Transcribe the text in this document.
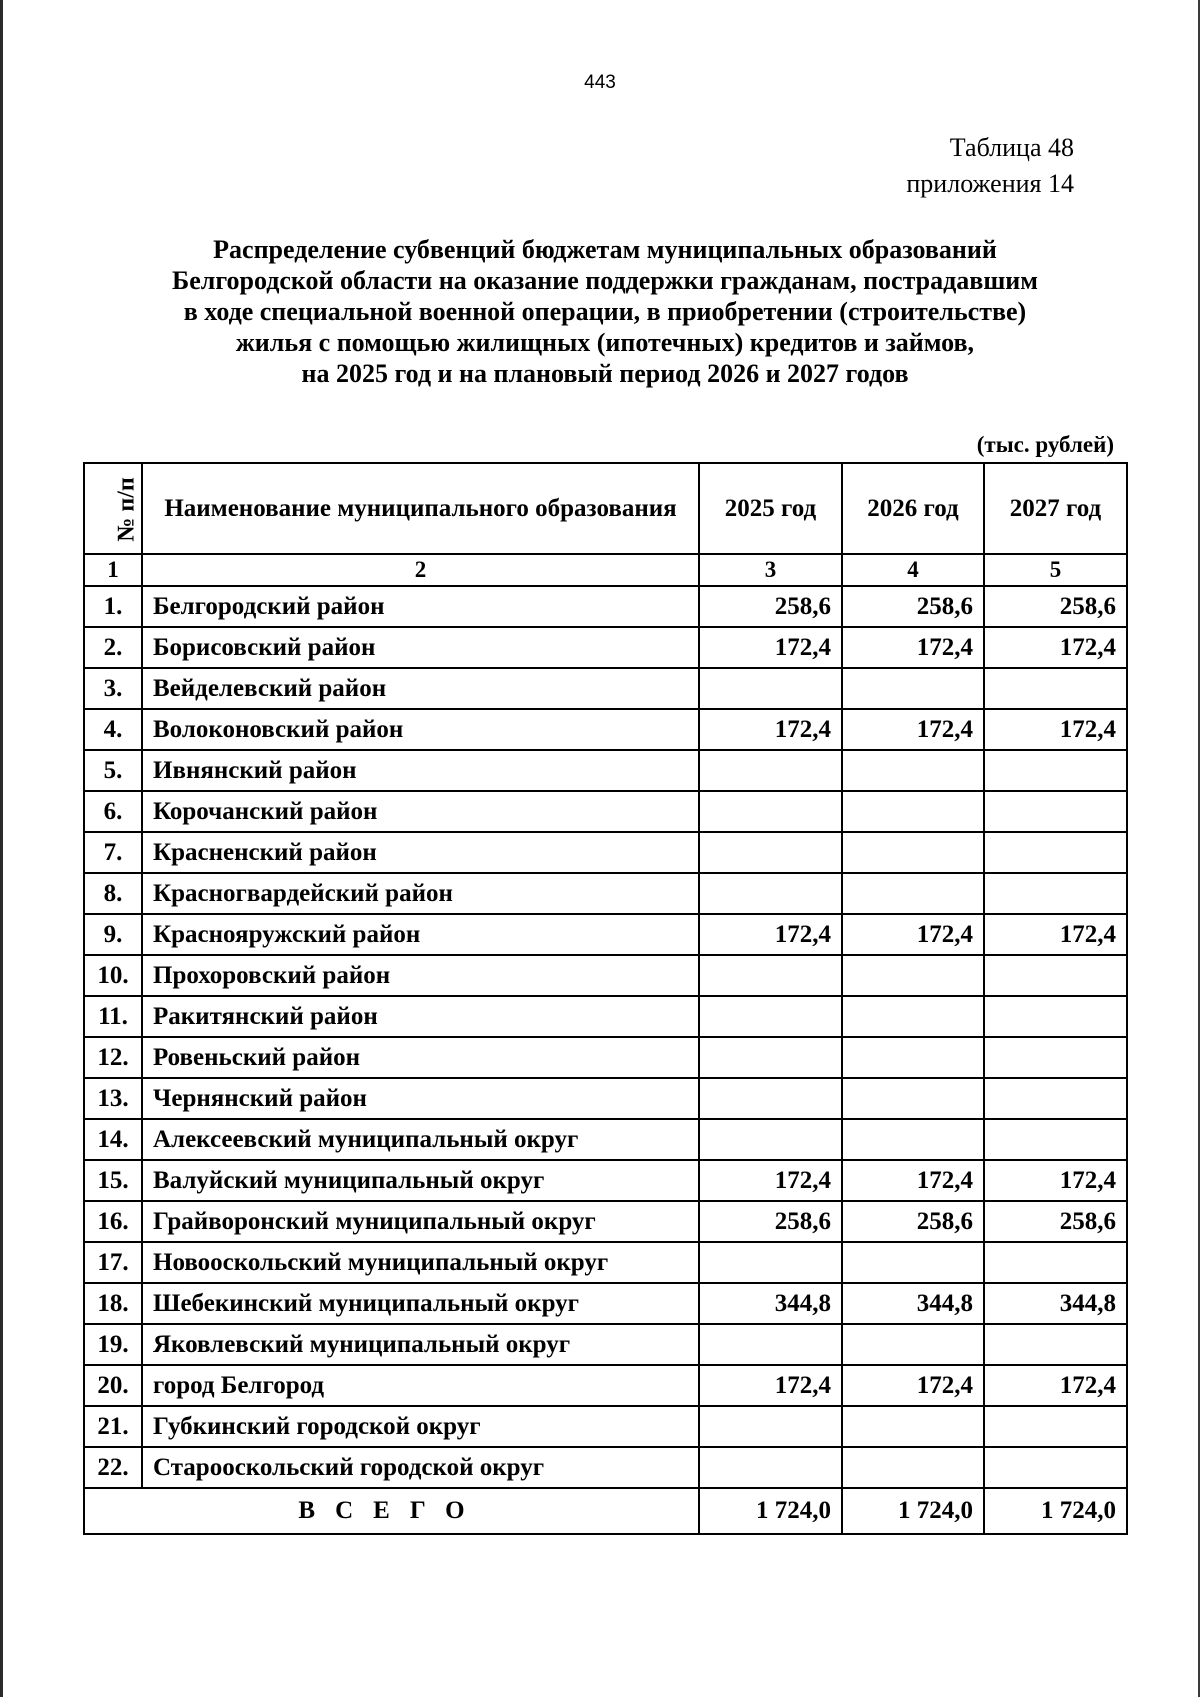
443
Таблица 48
приложения 14
Распределение субвенций бюджетам муниципальных образований
Белгородской области на оказание поддержки гражданам, пострадавшим
в ходе специальной военной операции, в приобретении (строительстве)
жилья с помощью жилищных (ипотечных) кредитов и займов,
на 2025 год и на плановый период 2026 и 2027 годов
(тыс. рублей)
№ п/п	Наименование муниципального образования	2025 год	2026 год	2027 год
1	2	3	4	5
1.	Белгородский район	258,6	258,6	258,6
2.	Борисовский район	172,4	172,4	172,4
3.	Вейделевский район			
4.	Волоконовский район	172,4	172,4	172,4
5.	Ивнянский район			
6.	Корочанский район			
7.	Красненский район			
8.	Красногвардейский район			
9.	Краснояружский район	172,4	172,4	172,4
10.	Прохоровский район			
11.	Ракитянский район			
12.	Ровеньский район			
13.	Чернянский район			
14.	Алексеевский муниципальный округ			
15.	Валуйский муниципальный округ	172,4	172,4	172,4
16.	Грайворонский муниципальный округ	258,6	258,6	258,6
17.	Новооскольский муниципальный округ			
18.	Шебекинский муниципальный округ	344,8	344,8	344,8
19.	Яковлевский муниципальный округ			
20.	город Белгород	172,4	172,4	172,4
21.	Губкинский городской округ			
22.	Старооскольский городской округ			
ВСЕГО		1 724,0	1 724,0	1 724,0
